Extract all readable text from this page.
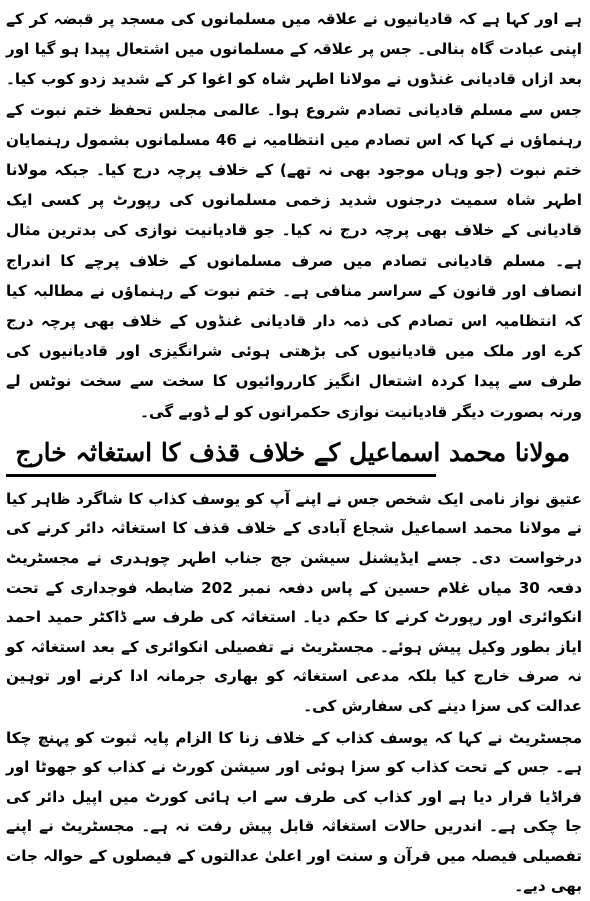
ہے اور کہا ہے کہ قادیانیوں نے علاقہ میں مسلمانوں کی مسجد پر قبضہ کر کے اپنی عبادت گاہ بنالی۔ جس پر علاقہ کے مسلمانوں میں اشتعال پیدا ہو گیا اور بعد ازاں قادیانی غنڈوں نے مولانا اطہر شاہ کو اغوا کر کے شدید زدو کوب کیا۔ جس سے مسلم قادیانی تصادم شروع ہوا۔ عالمی مجلس تحفظ ختم نبوت کے رہنماؤں نے کہا کہ اس تصادم میں انتظامیہ نے 46 مسلمانوں بشمول رہنمایان ختم نبوت (جو وہاں موجود بھی نہ تھے) کے خلاف پرچہ درج کیا۔ جبکہ مولانا اطہر شاہ سمیت درجنوں شدید زخمی مسلمانوں کی رپورٹ پر کسی ایک قادیانی کے خلاف بھی پرچہ درج نہ کیا۔ جو قادیانیت نوازی کی بدترین مثال ہے۔ مسلم قادیانی تصادم میں صرف مسلمانوں کے خلاف پرچے کا اندراج انصاف اور قانون کے سراسر منافی ہے۔ ختم نبوت کے رہنماؤں نے مطالبہ کیا کہ انتظامیہ اس تصادم کی ذمہ دار قادیانی غنڈوں کے خلاف بھی پرچہ درج کرے اور ملک میں قادیانیوں کی بڑھتی ہوئی شرانگیزی اور قادیانیوں کی طرف سے پیدا کردہ اشتعال انگیز کارروائیوں کا سخت سے سخت نوٹس لے ورنہ بصورت دیگر قادیانیت نوازی حکمرانوں کو لے ڈوبے گی۔

مولانا محمد اسماعیل کے خلاف قذف کا استغاثہ خارج

عتیق نواز نامی ایک شخص جس نے اپنے آپ کو یوسف کذاب کا شاگرد ظاہر کیا نے مولانا محمد اسماعیل شجاع آبادی کے خلاف قذف کا استغاثہ دائر کرنے کی درخواست دی۔ جسے ایڈیشنل سیشن جج جناب اطہر چوہدری نے مجسٹریٹ دفعہ 30 میاں غلام حسین کے پاس دفعہ نمبر 202 ضابطہ فوجداری کے تحت انکوائری اور رپورٹ کرنے کا حکم دیا۔ استغاثہ کی طرف سے ڈاکٹر حمید احمد ایاز بطور وکیل پیش ہوئے۔ مجسٹریٹ نے تفصیلی انکوائری کے بعد استغاثہ کو نہ صرف خارج کیا بلکہ مدعی استغاثہ کو بھاری جرمانہ ادا کرنے اور توہین عدالت کی سزا دینے کی سفارش کی۔

مجسٹریٹ نے کہا کہ یوسف کذاب کے خلاف زنا کا الزام پایہ ثبوت کو پہنچ چکا ہے۔ جس کے تحت کذاب کو سزا ہوئی اور سیشن کورٹ نے کذاب کو جھوٹا اور فراڈیا قرار دیا ہے اور کذاب کی طرف سے اب ہائی کورٹ میں اپیل دائر کی جا چکی ہے۔ اندریں حالات استغاثہ قابل پیش رفت نہ ہے۔ مجسٹریٹ نے اپنے تفصیلی فیصلہ میں قرآن و سنت اور اعلیٰ عدالتوں کے فیصلوں کے حوالہ جات بھی دیے۔
